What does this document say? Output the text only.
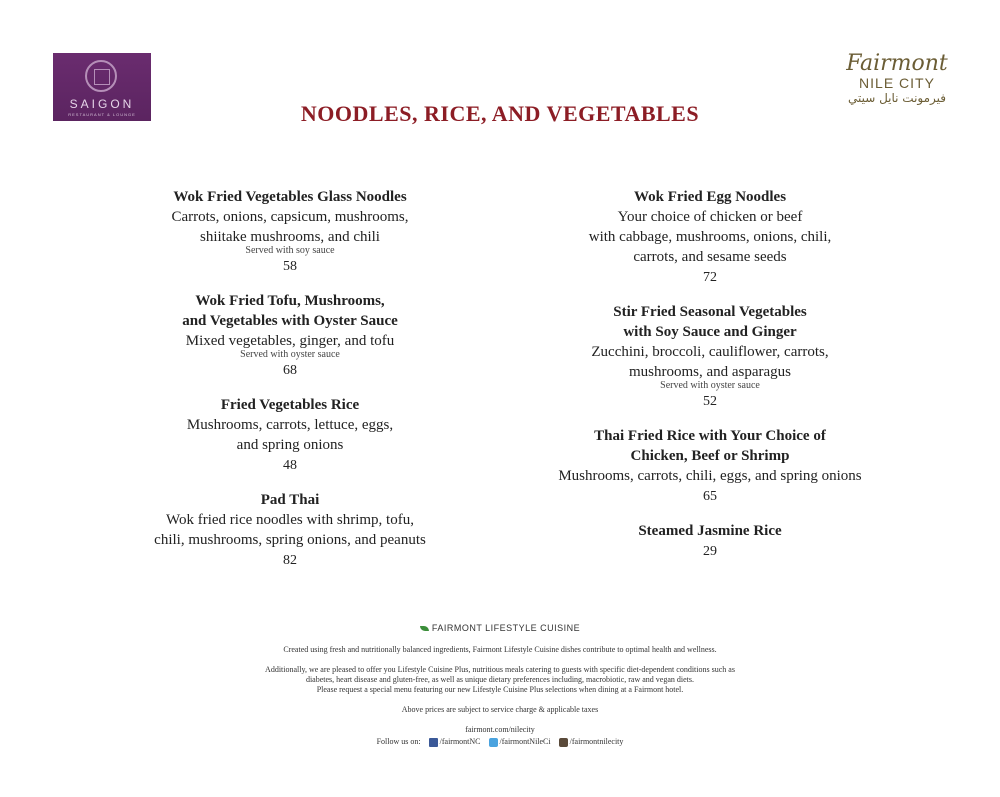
SAIGON
RESTAURANT & LOUNGE
Fairmont
NILE CITY
فيرمونت نايل سيتي
NOODLES, RICE, AND VEGETABLES
Wok Fried Vegetables Glass Noodles
Carrots, onions, capsicum, mushrooms,
shiitake mushrooms, and chili
Served with soy sauce
58
Wok Fried Tofu, Mushrooms,
and Vegetables with Oyster Sauce
Mixed vegetables, ginger, and tofu
Served with oyster sauce
68
Fried Vegetables Rice
Mushrooms, carrots, lettuce, eggs,
and spring onions
48
Pad Thai
Wok fried rice noodles with shrimp, tofu,
chili, mushrooms, spring onions, and peanuts
82
Wok Fried Egg Noodles
Your choice of chicken or beef
with cabbage, mushrooms, onions, chili,
carrots, and sesame seeds
72
Stir Fried Seasonal Vegetables
with Soy Sauce and Ginger
Zucchini, broccoli, cauliflower, carrots,
mushrooms, and asparagus
Served with oyster sauce
52
Thai Fried Rice with Your Choice of
Chicken, Beef or Shrimp
Mushrooms, carrots, chili, eggs, and spring onions
65
Steamed Jasmine Rice
29
FAIRMONT LIFESTYLE CUISINE
Created using fresh and nutritionally balanced ingredients, Fairmont Lifestyle Cuisine dishes contribute to optimal health and wellness.
Additionally, we are pleased to offer you Lifestyle Cuisine Plus, nutritious meals catering to guests with specific diet-dependent conditions such as
diabetes, heart disease and gluten-free, as well as unique dietary preferences including, macrobiotic, raw and vegan diets.
Please request a special menu featuring our new Lifestyle Cuisine Plus selections when dining at a Fairmont hotel.
Above prices are subject to service charge & applicable taxes
fairmont.com/nilecity
Follow us on: /fairmontNC /fairmontNileCi /fairmontnilecity
